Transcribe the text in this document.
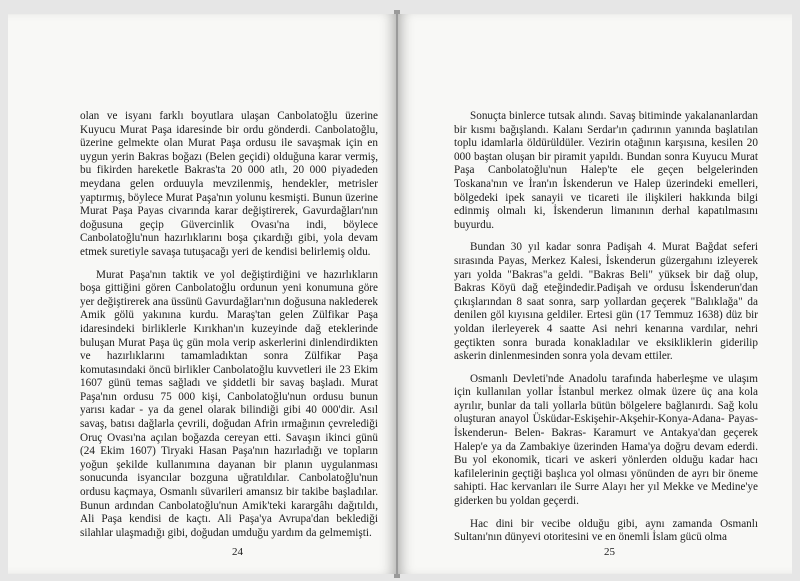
olan ve isyanı farklı boyutlara ulaşan Canbolatoğlu üzerine Kuyucu Murat Paşa idaresinde bir ordu gönderdi. Canbolatoğlu, üzerine gelmekte olan Murat Paşa ordusu ile savaşmak için en uygun yerin Bakras boğazı (Belen geçidi) olduğuna karar vermiş, bu fikirden hareketle Bakras'ta 20 000 atlı, 20 000 piyadeden meydana gelen orduuyla mevzilenmiş, hendekler, metrisler yaptırmış, böylece Murat Paşa'nın yolunu kesmişti. Bunun üzerine Murat Paşa Payas civarında karar değiştirerek, Gavurdağları'nın doğusuna geçip Güvercinlik Ovası'na indi, böylece Canbolatoğlu'nun hazırlıklarını boşa çıkardığı gibi, yola devam etmek suretiyle savaşa tutuşacağı yeri de kendisi belirlemiş oldu.

Murat Paşa'nın taktik ve yol değiştirdiğini ve hazırlıkların boşa gittiğini gören Canbolatoğlu ordunun yeni konumuna göre yer değiştirerek ana üssünü Gavurdağları'nın doğusuna naklederek Amik gölü yakınına kurdu. Maraş'tan gelen Zülfikar Paşa idaresindeki birliklerle Kırıkhan'ın kuzeyinde dağ eteklerinde buluşan Murat Paşa üç gün mola verip askerlerini dinlendirdikten ve hazırlıklarını tamamladıktan sonra Zülfikar Paşa komutasındaki öncü birlikler Canbolatoğlu kuvvetleri ile 23 Ekim 1607 günü temas sağladı ve şiddetli bir savaş başladı. Murat Paşa'nın ordusu 75 000 kişi, Canbolatoğlu'nun ordusu bunun yarısı kadar - ya da genel olarak bilindiği gibi 40 000'dir. Asıl savaş, batısı dağlarla çevrili, doğudan Afrin ırmağının çevrelediği Oruç Ovası'na açılan boğazda cereyan etti. Savaşın ikinci günü (24 Ekim 1607) Tiryaki Hasan Paşa'nın hazırladığı ve topların yoğun şekilde kullanımına dayanan bir planın uygulanması sonucunda isyancılar bozguna uğratıldılar. Canbolatoğlu'nun ordusu kaçmaya, Osmanlı süvarileri amansız bir takibe başladılar. Bunun ardından Canbolatoğlu'nun Amik'teki karargâhı dağıtıldı, Ali Paşa kendisi de kaçtı. Ali Paşa'ya Avrupa'dan beklediği silahlar ulaşmadığı gibi, doğudan umduğu yardım da gelmemişti.

24

Sonuçta binlerce tutsak alındı. Savaş bitiminde yakalananlardan bir kısmı bağışlandı. Kalanı Serdar'ın çadırının yanında başlatılan toplu idamlarla öldürüldüler. Vezirin otağının karşısına, kesilen 20 000 baştan oluşan bir piramit yapıldı. Bundan sonra Kuyucu Murat Paşa Canbolatoğlu'nun Halep'te ele geçen belgelerinden Toskana'nın ve İran'ın İskenderun ve Halep üzerindeki emelleri, bölgedeki ipek sanayii ve ticareti ile ilişkileri hakkında bilgi edinmiş olmalı ki, İskenderun limanının derhal kapatılmasını buyurdu.

Bundan 30 yıl kadar sonra Padişah 4. Murat Bağdat seferi sırasında Payas, Merkez Kalesi, İskenderun güzergahını izleyerek yarı yolda "Bakras"a geldi. "Bakras Beli" yüksek bir dağ olup, Bakras Köyü dağ eteğindedir.Padişah ve ordusu İskenderun'dan çıkışlarından 8 saat sonra, sarp yollardan geçerek "Balıklağa" da denilen göl kıyısına geldiler. Ertesi gün (17 Temmuz 1638) düz bir yoldan ilerleyerek 4 saatte Asi nehri kenarına vardılar, nehri geçtikten sonra burada konakladılar ve eksikliklerin giderilip askerin dinlenmesinden sonra yola devam ettiler.

Osmanlı Devleti'nde Anadolu tarafında haberleşme ve ulaşım için kullanılan yollar İstanbul merkez olmak üzere üç ana kola ayrılır, bunlar da tali yollarla bütün bölgelere bağlanırdı. Sağ kolu oluşturan anayol Üsküdar-Eskişehir-Akşehir-Konya-Adana- Payas- İskenderun- Belen- Bakras- Karamurt ve Antakya'dan geçerek Halep'e ya da Zambakiye üzerinden Hama'ya doğru devam ederdi. Bu yol ekonomik, ticari ve askeri yönlerden olduğu kadar hacı kafilelerinin geçtiği başlıca yol olması yönünden de ayrı bir öneme sahipti. Hac kervanları ile Surre Alayı her yıl Mekke ve Medine'ye giderken bu yoldan geçerdi.

Hac dini bir vecibe olduğu gibi, aynı zamanda Osmanlı Sultanı'nın dünyevi otoritesini ve en önemli İslam gücü olma

25
